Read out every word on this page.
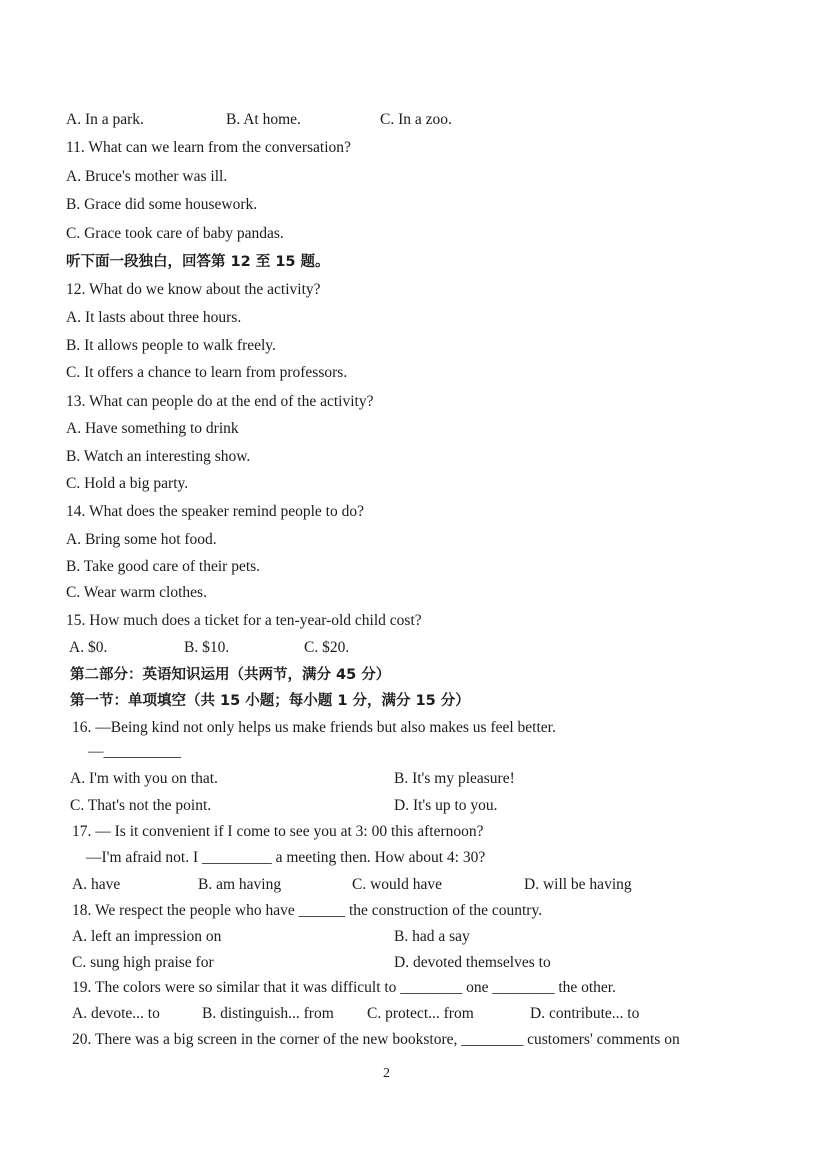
A. In a park.	B. At home.	C. In a zoo.
11. What can we learn from the conversation?
A. Bruce's mother was ill.
B. Grace did some housework.
C. Grace took care of baby pandas.
听下面一段独白，回答第 12 至 15 题。
12. What do we know about the activity?
A. It lasts about three hours.
B. It allows people to walk freely.
C. It offers a chance to learn from professors.
13. What can people do at the end of the activity?
A. Have something to drink
B. Watch an interesting show.
C. Hold a big party.
14. What does the speaker remind people to do?
A. Bring some hot food.
B. Take good care of their pets.
C. Wear warm clothes.
15. How much does a ticket for a ten-year-old child cost?
A. $0.	B. $10.	C. $20.
第二部分：英语知识运用（共两节，满分 45 分）
第一节：单项填空（共 15 小题；每小题 1 分，满分 15 分）
16. —Being kind not only helps us make friends but also makes us feel better.
—__________
A. I'm with you on that.	B. It's my pleasure!
C. That's not the point.	D. It's up to you.
17. — Is it convenient if I come to see you at 3: 00 this afternoon?
—I'm afraid not. I _________ a meeting then. How about 4: 30?
A. have	B. am having	C. would have	D. will be having
18. We respect the people who have ______ the construction of the country.
A. left an impression on	B. had a say
C. sung high praise for	D. devoted themselves to
19. The colors were so similar that it was difficult to ________ one ________ the other.
A. devote... to	B. distinguish... from C. protect... from	D. contribute... to
20. There was a big screen in the corner of the new bookstore, ________ customers' comments on
2
